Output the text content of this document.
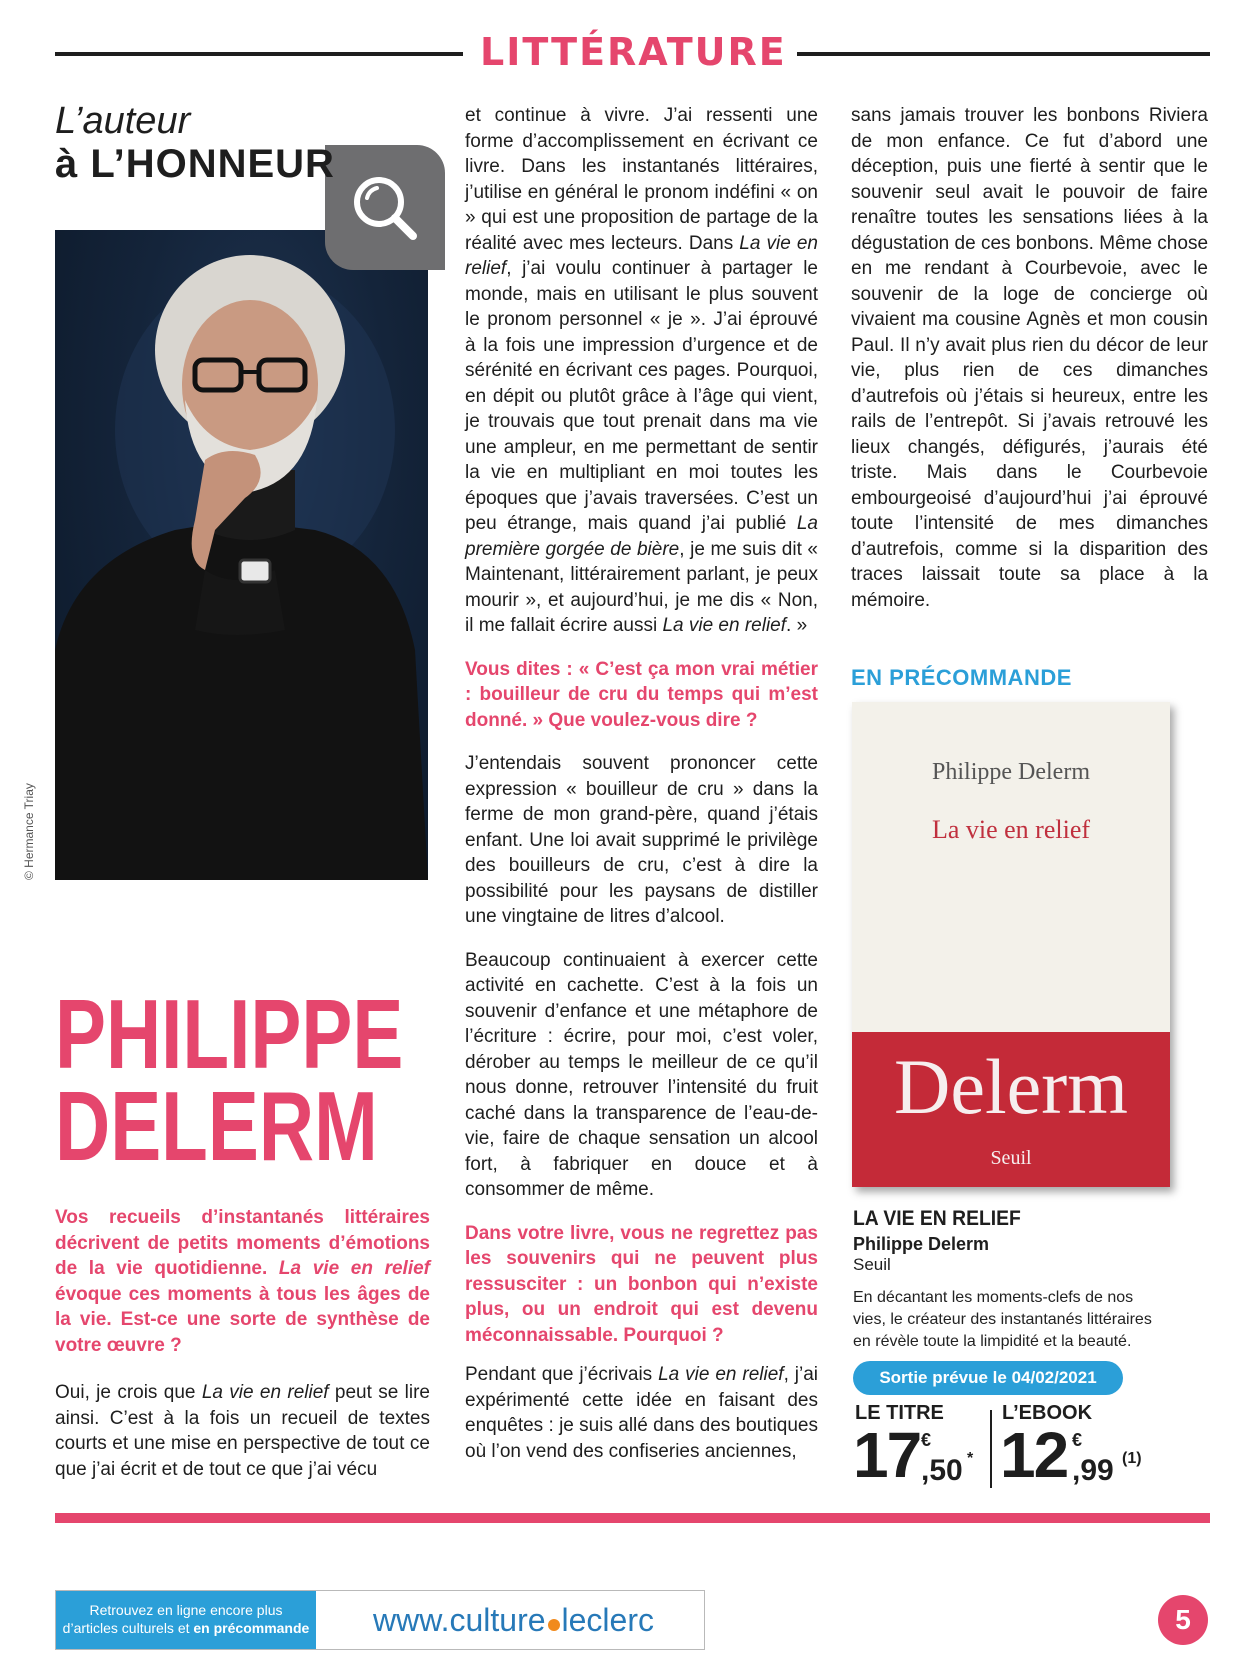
LITTÉRATURE
L’auteur
à L’HONNEUR
© Hermance Triay
PHILIPPE
DELERM
Vos recueils d’instantanés littéraires décrivent de petits moments d’émotions de la vie quotidienne. La vie en relief évoque ces moments à tous les âges de la vie. Est-ce une sorte de synthèse de votre œuvre ?
Oui, je crois que La vie en relief peut se lire ainsi. C’est à la fois un recueil de textes courts et une mise en perspective de tout ce que j’ai écrit et de tout ce que j’ai vécu

et continue à vivre. J’ai ressenti une forme d’accomplissement en écrivant ce livre. Dans les instantanés littéraires, j’utilise en général le pronom indéfini « on » qui est une proposition de partage de la réalité avec mes lecteurs. Dans La vie en relief, j’ai voulu continuer à partager le monde, mais en utilisant le plus souvent le pronom personnel « je ». J’ai éprouvé à la fois une impression d’urgence et de sérénité en écrivant ces pages. Pourquoi, en dépit ou plutôt grâce à l’âge qui vient, je trouvais que tout prenait dans ma vie une ampleur, en me permettant de sentir la vie en multipliant en moi toutes les époques que j’avais traversées. C’est un peu étrange, mais quand j’ai publié La première gorgée de bière, je me suis dit « Maintenant, littérairement parlant, je peux mourir », et aujourd’hui, je me dis « Non, il me fallait écrire aussi La vie en relief. »

Vous dites : « C’est ça mon vrai métier : bouilleur de cru du temps qui m’est donné. » Que voulez-vous dire ?

J’entendais souvent prononcer cette expression « bouilleur de cru » dans la ferme de mon grand-père, quand j’étais enfant. Une loi avait supprimé le privilège des bouilleurs de cru, c’est à dire la possibilité pour les paysans de distiller une vingtaine de litres d’alcool.

Beaucoup continuaient à exercer cette activité en cachette. C’est à la fois un souvenir d’enfance et une métaphore de l’écriture : écrire, pour moi, c’est voler, dérober au temps le meilleur de ce qu’il nous donne, retrouver l’intensité du fruit caché dans la transparence de l’eau-de-vie, faire de chaque sensation un alcool fort, à fabriquer en douce et à consommer de même.

Dans votre livre, vous ne regrettez pas les souvenirs qui ne peuvent plus ressusciter : un bonbon qui n’existe plus, ou un endroit qui est devenu méconnaissable. Pourquoi ?

Pendant que j’écrivais La vie en relief, j’ai expérimenté cette idée en faisant des enquêtes : je suis allé dans des boutiques où l’on vend des confiseries anciennes,

sans jamais trouver les bonbons Riviera de mon enfance. Ce fut d’abord une déception, puis une fierté à sentir que le souvenir seul avait le pouvoir de faire renaître toutes les sensations liées à la dégustation de ces bonbons. Même chose en me rendant à Courbevoie, avec le souvenir de la loge de concierge où vivaient ma cousine Agnès et mon cousin Paul. Il n’y avait plus rien du décor de leur vie, plus rien de ces dimanches d’autrefois où j’étais si heureux, entre les rails de l’entrepôt. Si j’avais retrouvé les lieux changés, défigurés, j’aurais été triste. Mais dans le Courbevoie embourgeoisé d’aujourd’hui j’ai éprouvé toute l’intensité de mes dimanches d’autrefois, comme si la disparition des traces laissait toute sa place à la mémoire.

EN PRÉCOMMANDE
Philippe Delerm
La vie en relief
Delerm
Seuil
LA VIE EN RELIEF
Philippe Delerm
Seuil
En décantant les moments-clefs de nos vies, le créateur des instantanés littéraires en révèle toute la limpidité et la beauté.
Sortie prévue le 04/02/2021
LE TITRE
17 €
,50 *
L’EBOOK
12 €
,99 (1)
Retrouvez en ligne encore plus
d’articles culturels et en précommande	www.culture leclerc	5
